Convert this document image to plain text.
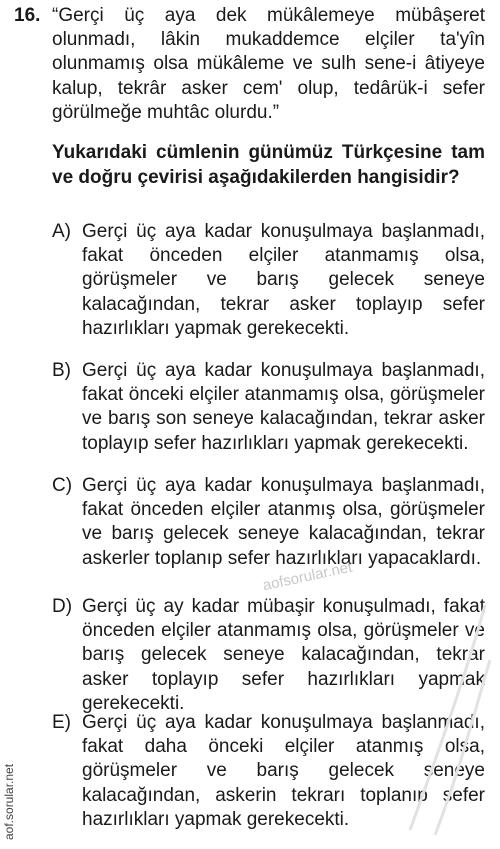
16. “Gerçi üç aya dek mükâlemeye mübâşeret olunmadı, lâkin mukaddemce elçiler ta'yîn olunmamış olsa mükâleme ve sulh sene-i âtiyeye kalup, tekrâr asker cem' olup, tedârük-i sefer görülmeğe muhtâc olurdu.”
Yukarıdaki cümlenin günümüz Türkçesine tam ve doğru çevirisi aşağıdakilerden hangisidir?
A) Gerçi üç aya kadar konuşulmaya başlanmadı, fakat önceden elçiler atanmamış olsa, görüşmeler ve barış gelecek seneye kalacağından, tekrar asker toplayıp sefer hazırlıkları yapmak gerekecekti.
B) Gerçi üç aya kadar konuşulmaya başlanmadı, fakat önceki elçiler atanmamış olsa, görüşmeler ve barış son seneye kalacağından, tekrar asker toplayıp sefer hazırlıkları yapmak gerekecekti.
C) Gerçi üç aya kadar konuşulmaya başlanmadı, fakat önceden elçiler atanmış olsa, görüşmeler ve barış gelecek seneye kalacağından, tekrar askerler toplanıp sefer hazırlıkları yapacaklardı.
D) Gerçi üç ay kadar mübaşir konuşulmadı, fakat önceden elçiler atanmamış olsa, görüşmeler ve barış gelecek seneye kalacağından, tekrar asker toplayıp sefer hazırlıkları yapmak gerekecekti.
E) Gerçi üç aya kadar konuşulmaya başlanmadı, fakat daha önceki elçiler atanmış olsa, görüşmeler ve barış gelecek seneye kalacağından, askerin tekrarı toplanıp sefer hazırlıkları yapmak gerekecekti.
aofsorular.net
aof.sorular.net
